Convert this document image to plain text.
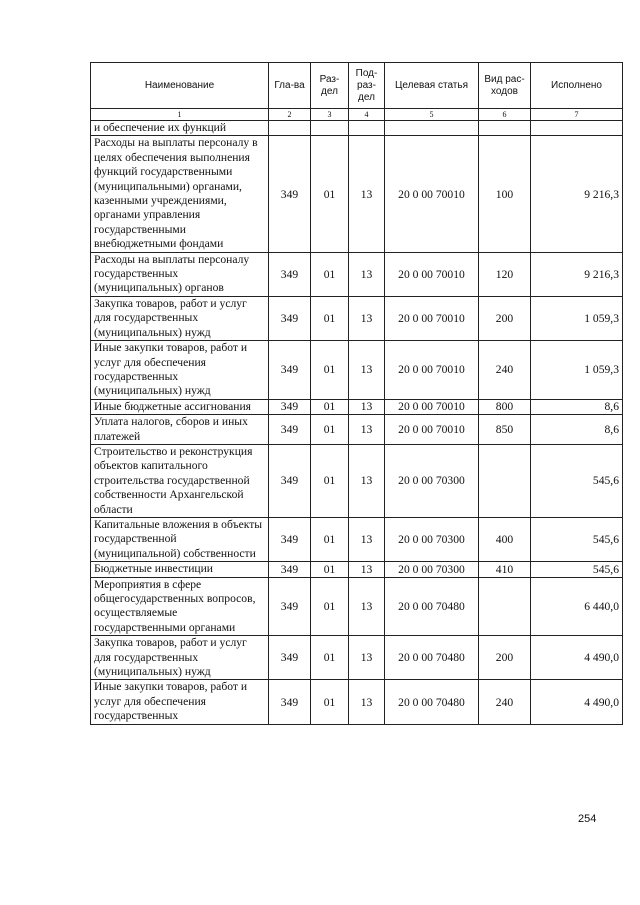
Наименование	Гла-ва	Раз-дел	Под-раз-дел	Целевая статья	Вид рас-ходов	Исполнено
1	2	3	4	5	6	7
и обеспечение их функций						
Расходы на выплаты персоналу в целях обеспечения выполнения функций государственными (муниципальными) органами, казенными учреждениями, органами управления государственными внебюджетными фондами	349	01	13	20 0 00 70010	100	9 216,3
Расходы на выплаты персоналу государственных (муниципальных) органов	349	01	13	20 0 00 70010	120	9 216,3
Закупка товаров, работ и услуг для государственных (муниципальных) нужд	349	01	13	20 0 00 70010	200	1 059,3
Иные закупки товаров, работ и услуг для обеспечения государственных (муниципальных) нужд	349	01	13	20 0 00 70010	240	1 059,3
Иные бюджетные ассигнования	349	01	13	20 0 00 70010	800	8,6
Уплата налогов, сборов и иных платежей	349	01	13	20 0 00 70010	850	8,6
Строительство и реконструкция объектов капитального строительства государственной собственности Архангельской области	349	01	13	20 0 00 70300		545,6
Капитальные вложения в объекты государственной (муниципальной) собственности	349	01	13	20 0 00 70300	400	545,6
Бюджетные инвестиции	349	01	13	20 0 00 70300	410	545,6
Мероприятия в сфере общегосударственных вопросов, осуществляемые государственными органами	349	01	13	20 0 00 70480		6 440,0
Закупка товаров, работ и услуг для государственных (муниципальных) нужд	349	01	13	20 0 00 70480	200	4 490,0
Иные закупки товаров, работ и услуг для обеспечения государственных	349	01	13	20 0 00 70480	240	4 490,0
254
